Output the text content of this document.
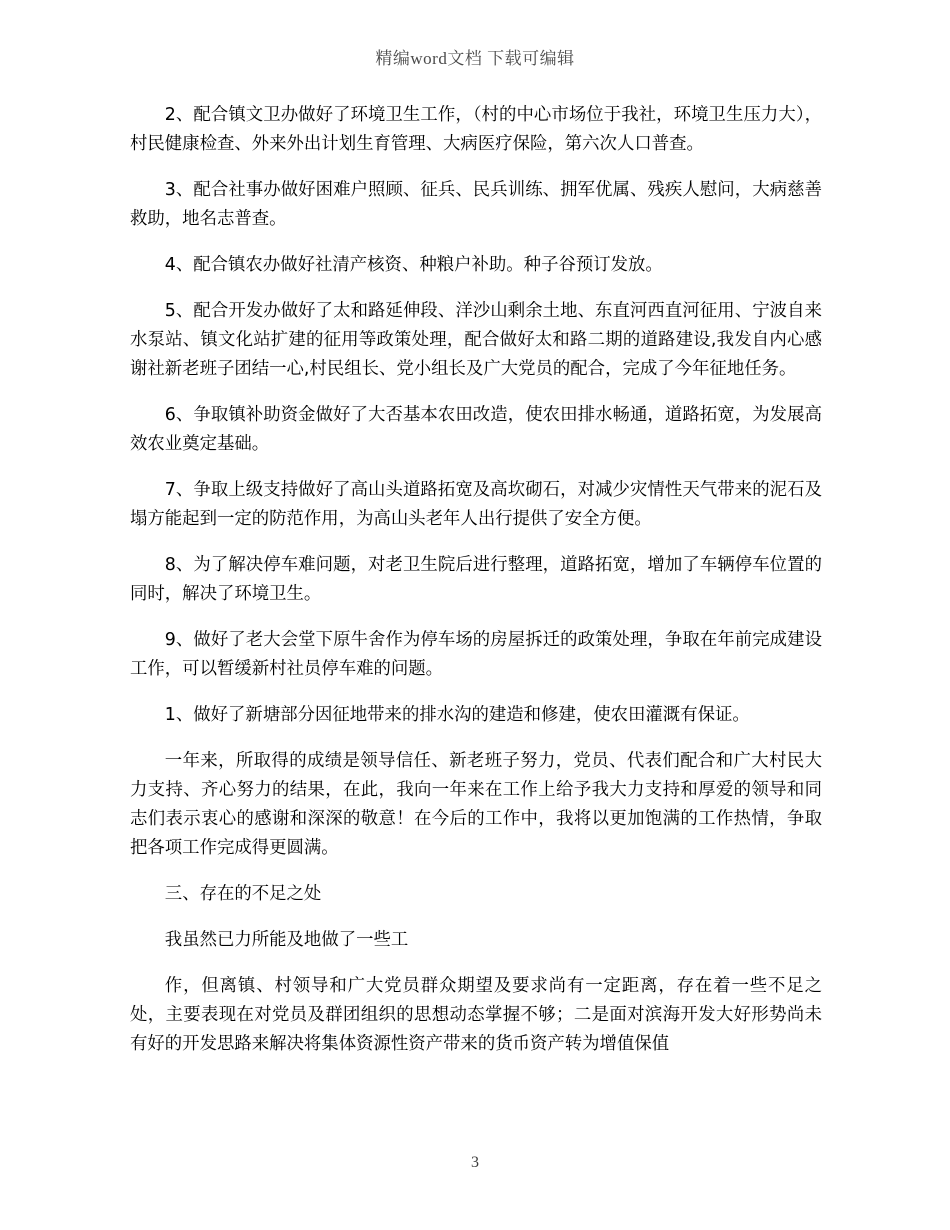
精编word文档 下载可编辑

2、配合镇文卫办做好了环境卫生工作，（村的中心市场位于我社，环境卫生压力大），村民健康检查、外来外出计划生育管理、大病医疗保险，第六次人口普查。

3、配合社事办做好困难户照顾、征兵、民兵训练、拥军优属、残疾人慰问，大病慈善救助，地名志普查。

4、配合镇农办做好社清产核资、种粮户补助。种子谷预订发放。

5、配合开发办做好了太和路延伸段、洋沙山剩余土地、东直河西直河征用、宁波自来水泵站、镇文化站扩建的征用等政策处理，配合做好太和路二期的道路建设,我发自内心感谢社新老班子团结一心,村民组长、党小组长及广大党员的配合，完成了今年征地任务。

6、争取镇补助资金做好了大否基本农田改造，使农田排水畅通，道路拓宽，为发展高效农业奠定基础。

7、争取上级支持做好了高山头道路拓宽及高坎砌石，对减少灾情性天气带来的泥石及塌方能起到一定的防范作用，为高山头老年人出行提供了安全方便。

8、为了解决停车难问题，对老卫生院后进行整理，道路拓宽，增加了车辆停车位置的同时，解决了环境卫生。

9、做好了老大会堂下原牛舍作为停车场的房屋拆迁的政策处理，争取在年前完成建设工作，可以暂缓新村社员停车难的问题。

1、做好了新塘部分因征地带来的排水沟的建造和修建，使农田灌溉有保证。

一年来，所取得的成绩是领导信任、新老班子努力，党员、代表们配合和广大村民大力支持、齐心努力的结果，在此，我向一年来在工作上给予我大力支持和厚爱的领导和同志们表示衷心的感谢和深深的敬意！在今后的工作中，我将以更加饱满的工作热情，争取把各项工作完成得更圆满。

三、存在的不足之处

我虽然已力所能及地做了一些工

作，但离镇、村领导和广大党员群众期望及要求尚有一定距离，存在着一些不足之处，主要表现在对党员及群团组织的思想动态掌握不够；二是面对滨海开发大好形势尚未有好的开发思路来解决将集体资源性资产带来的货币资产转为增值保值

3
